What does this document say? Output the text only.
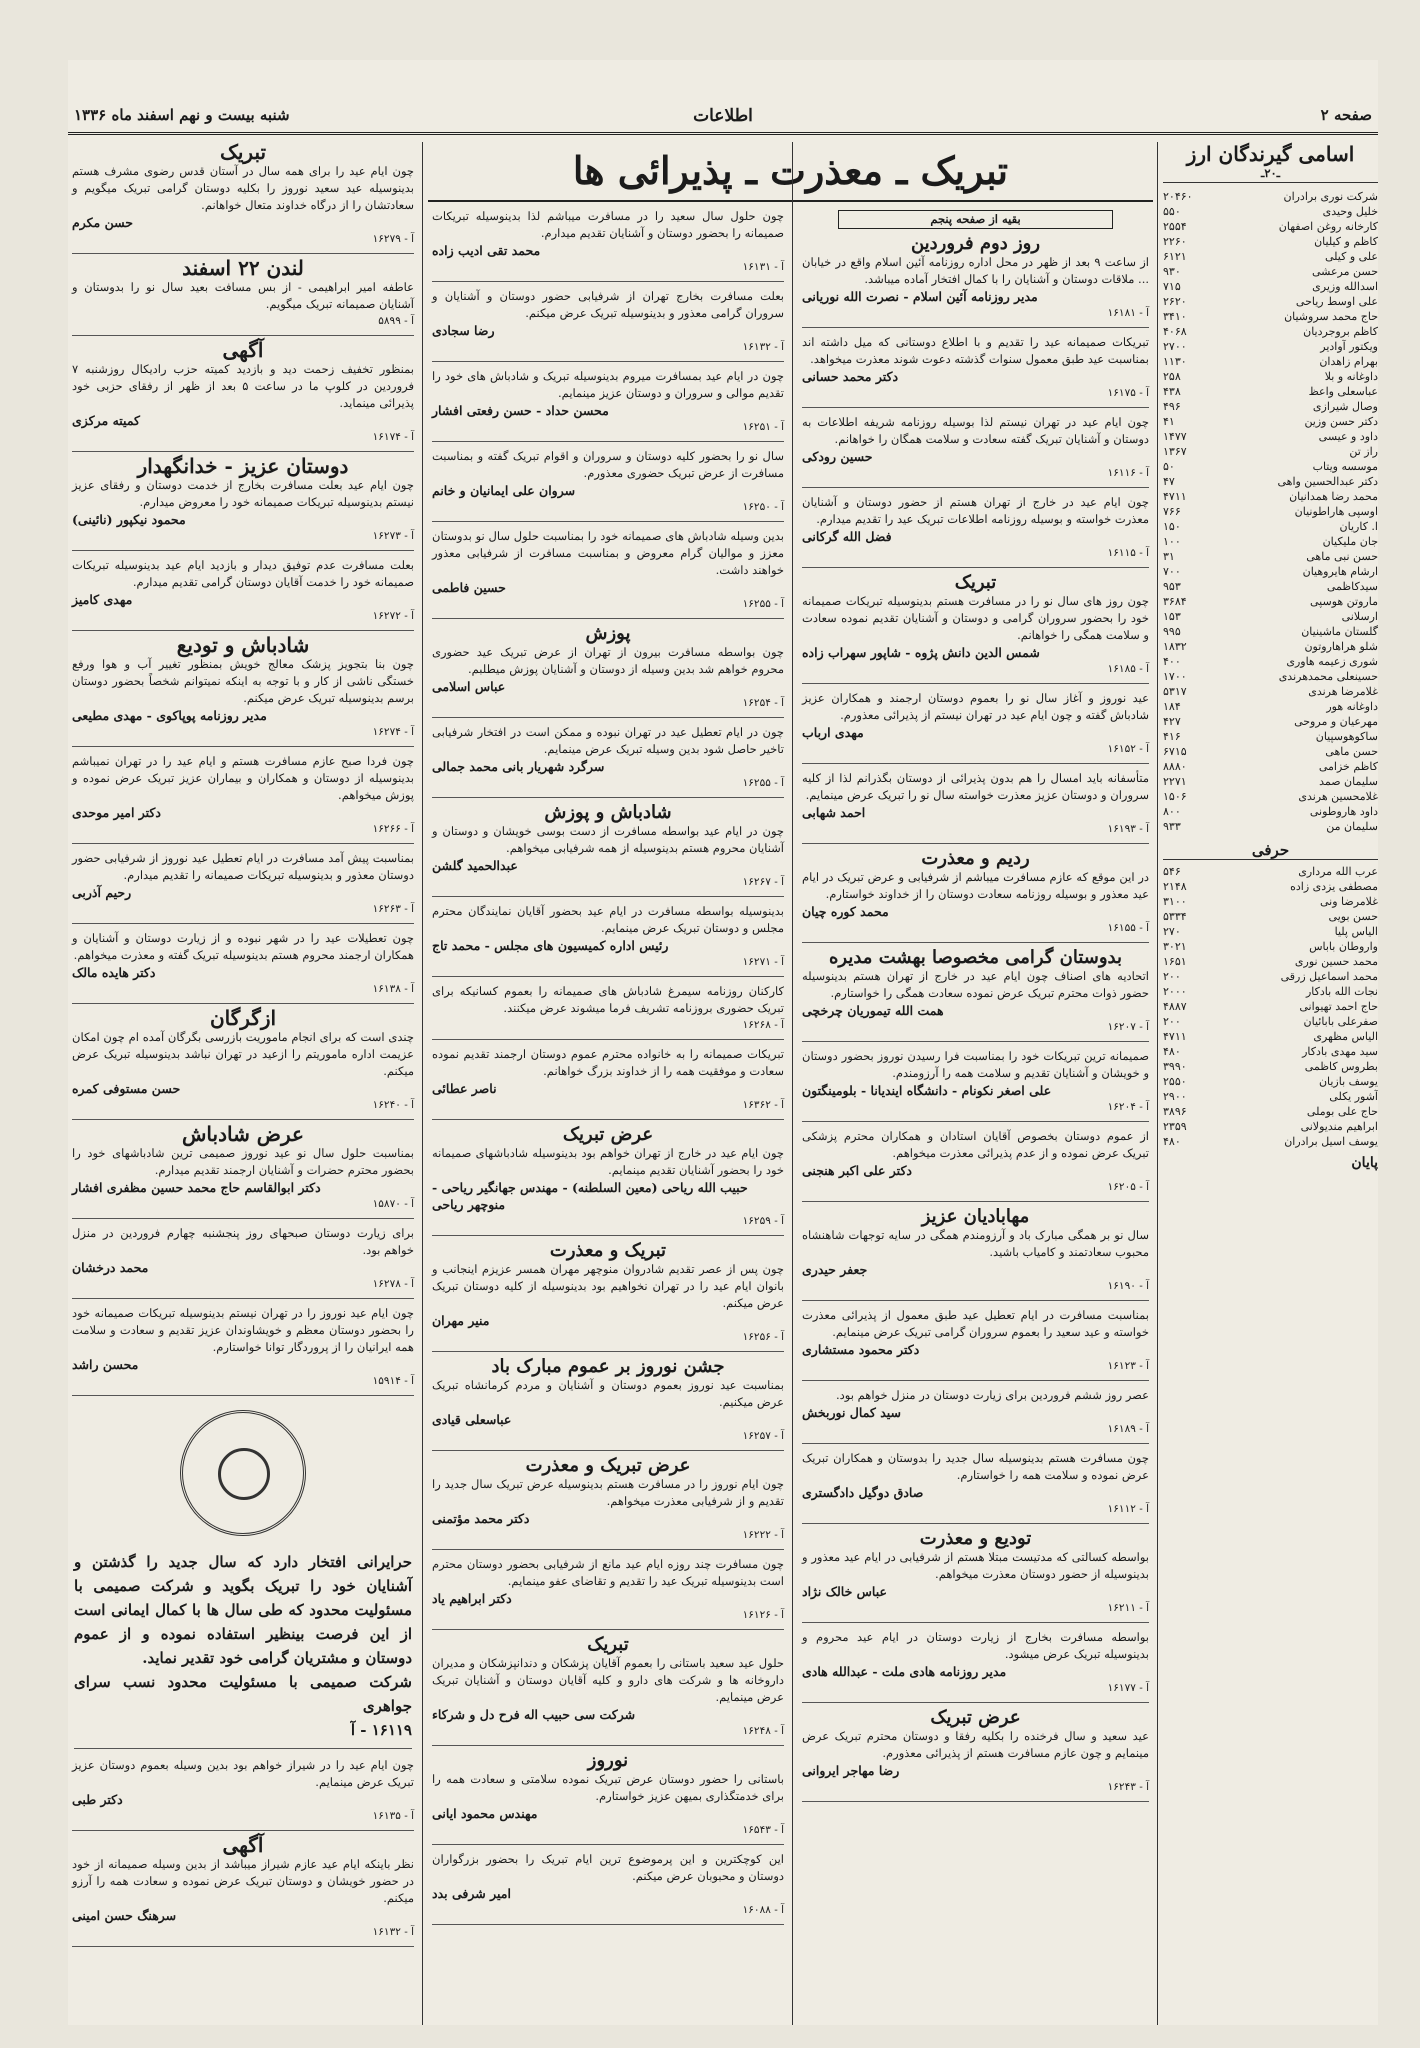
صفحه ۲
اطلاعات
شنبه بیست و نهم اسفند ماه ۱۳۳۶
تبریک ـ معذرت ـ پذیرائی ها	اسامی گیرندگان ارز
ـ۲۰ـ
شرکت نوری برادران
۲۰۴۶۰
خلیل وحیدی
۵۵۰
کارخانه روغن اصفهان
۲۵۵۴
کاظم و کیلیان
۲۲۶۰
علی و کیلی
۶۱۲۱
حسن مرعشی
۹۳۰
اسدالله وزیری
۷۱۵
علی اوسط ریاحی
۲۶۲۰
حاج محمد سروشیان
۳۴۱۰
کاظم بروجردیان
۴۰۶۸
ویکتور آوادیر
۲۷۰۰
بهرام زاهدان
۱۱۳۰
داوغانه و بلا
۲۵۸
عباسعلی واعظ
۴۳۸
وصال شیرازی
۴۹۶
دکتر حسن وزین
۴۱
داود و عیسی
۱۴۷۷
راز تن
۱۳۶۷
موسسه ویتاب
۵۰
دکتر عبدالحسین واهی
۴۷
محمد رضا همدانیان
۴۷۱۱
اوسپی هاراطونیان
۷۶۶
ا. کاریان
۱۵۰
جان ملیکیان
۱۰۰
حسن نبی ماهی
۳۱
ارشام هایروهیان
۷۰۰
سیدکاظمی
۹۵۳
ماروتن هوسپی
۳۶۸۴
ارسلانی
۱۵۳
گلستان ماشینیان
۹۹۵
شلو هراهاروتون
۱۸۳۲
شوری زعیمه هاوری
۴۰۰
حسینعلی محمدهرندی
۱۷۰۰
غلامرضا هرندی
۵۳۱۷
داوغانه هور
۱۸۴
مهرعیان و مروحی
۴۲۷
ساکوهوسپیان
۴۱۶
حسن ماهی
۶۷۱۵
کاظم خزامی
۸۸۸۰
سلیمان صمد
۲۲۷۱
غلامحسین هرندی
۱۵۰۶
داود هاروطونی
۸۰۰
سلیمان من
۹۳۳
حرفی
عرب الله مرداری
۵۴۶
مصطفی یزدی زاده
۲۱۴۸
غلامرضا ونی
۳۱۰۰
حسن بویی
۵۳۳۴
الیاس پلیا
۲۷۰
واروطان باباس
۳۰۲۱
محمد حسین نوری
۱۶۵۱
محمد اسماعیل زرقی
۲۰۰
نجات الله بادکار
۲۰۰۰
حاج احمد تهیوانی
۴۸۸۷
صفرعلی بابائیان
۲۰۰
الیاس مظهری
۴۷۱۱
سید مهدی بادکار
۴۸۰
بطروس کاظمی
۳۹۹۰
یوسف بازیان
۲۵۵۰
آشور یکلی
۲۹۰۰
حاج علی بوملی
۳۸۹۶
ابراهیم مندیولانی
۲۳۵۹
یوسف اسیل برادران
۴۸۰
پایان
بقیه از صفحه پنجم
روز دوم فروردین
از ساعت ۹ بعد از ظهر در محل اداره روزنامه آئین اسلام واقع در خیابان ... ملاقات دوستان و آشنایان را با کمال افتخار آماده میباشد.
مدیر روزنامه آئین اسلام - نصرت الله نوریانی
۱۶۱۸۱ - آ
تبریکات صمیمانه عید را تقدیم و با اطلاع دوستانی که میل داشته اند بمناسبت عید طبق معمول سنوات گذشته دعوت شوند معذرت میخواهد.
دکتر محمد حسانی
۱۶۱۷۵ - آ
چون ایام عید در تهران نیستم لذا بوسیله روزنامه شریفه اطلاعات به دوستان و آشنایان تبریک گفته سعادت و سلامت همگان را خواهانم.
حسین رودکی
۱۶۱۱۶ - آ
چون ایام عید در خارج از تهران هستم از حضور دوستان و آشنایان معذرت خواسته و بوسیله روزنامه اطلاعات تبریک عید را تقدیم میدارم.
فضل الله گرکانی
۱۶۱۱۵ - آ
تبریک
چون روز های سال نو را در مسافرت هستم بدینوسیله تبریکات صمیمانه خود را بحضور سروران گرامی و دوستان و آشنایان تقدیم نموده سعادت و سلامت همگی را خواهانم.
شمس الدین دانش پژوه - شاپور سهراب زاده
۱۶۱۸۵ - آ
عید نوروز و آغاز سال نو را بعموم دوستان ارجمند و همکاران عزیز شادباش گفته و چون ایام عید در تهران نیستم از پذیرائی معذورم.
مهدی ارباب
۱۶۱۵۲ - آ
متأسفانه باید امسال را هم بدون پذیرائی از دوستان بگذرانم لذا از کلیه سروران و دوستان عزیز معذرت خواسته سال نو را تبریک عرض مینمایم.
احمد شهابی
۱۶۱۹۳ - آ
ردیم و معذرت
در این موقع که عازم مسافرت میباشم از شرفیابی و عرض تبریک در ایام عید معذور و بوسیله روزنامه سعادت دوستان را از خداوند خواستارم.
محمد کوره چیان
۱۶۱۵۵ - آ
بدوستان گرامی مخصوصا بهشت مدیره
اتحادیه های اصناف چون ایام عید در خارج از تهران هستم بدینوسیله حضور ذوات محترم تبریک عرض نموده سعادت همگی را خواستارم.
همت الله تیموریان چرخچی
۱۶۲۰۷ - آ
صمیمانه ترین تبریکات خود را بمناسبت فرا رسیدن نوروز بحضور دوستان و خویشان و آشنایان تقدیم و سلامت همه را آرزومندم.
علی اصغر نکونام - دانشگاه ایندیانا - بلومینگتون
۱۶۲۰۴ - آ
از عموم دوستان بخصوص آقایان استادان و همکاران محترم پزشکی تبریک عرض نموده و از عدم پذیرائی معذرت میخواهم.
دکتر علی اکبر هنجنی
۱۶۲۰۵ - آ
مهابادیان عزیز
سال نو بر همگی مبارک باد و آرزومندم همگی در سایه توجهات شاهنشاه محبوب سعادتمند و کامیاب باشید.
جعفر حیدری
۱۶۱۹۰ - آ
بمناسبت مسافرت در ایام تعطیل عید طبق معمول از پذیرائی معذرت خواسته و عید سعید را بعموم سروران گرامی تبریک عرض مینمایم.
دکتر محمود مستشاری
۱۶۱۲۳ - آ
عصر روز ششم فروردین برای زیارت دوستان در منزل خواهم بود.
سید کمال نوربخش
۱۶۱۸۹ - آ
چون مسافرت هستم بدینوسیله سال جدید را بدوستان و همکاران تبریک عرض نموده و سلامت همه را خواستارم.
صادق دوگیل دادگستری
۱۶۱۱۲ - آ
تودیع و معذرت
بواسطه کسالتی که مدتیست مبتلا هستم از شرفیابی در ایام عید معذور و بدینوسیله از حضور دوستان معذرت میخواهم.
عباس خالک نژاد
۱۶۲۱۱ - آ
بواسطه مسافرت بخارج از زیارت دوستان در ایام عید محروم و بدینوسیله تبریک عرض میشود.
مدیر روزنامه هادی ملت - عبدالله هادی
۱۶۱۷۷ - آ
عرض تبریک
عید سعید و سال فرخنده را بکلیه رفقا و دوستان محترم تبریک عرض مینمایم و چون عازم مسافرت هستم از پذیرائی معذورم.
رضا مهاجر ایروانی
۱۶۲۴۳ - آ
چون حلول سال سعید را در مسافرت میباشم لذا بدینوسیله تبریکات صمیمانه را بحضور دوستان و آشنایان تقدیم میدارم.
محمد تقی ادیب زاده
۱۶۱۳۱ - آ
بعلت مسافرت بخارج تهران از شرفیابی حضور دوستان و آشنایان و سروران گرامی معذور و بدینوسیله تبریک عرض میکنم.
رضا سجادی
۱۶۱۳۲ - آ
چون در ایام عید بمسافرت میروم بدینوسیله تبریک و شادباش های خود را تقدیم موالی و سروران و دوستان عزیز مینمایم.
محسن حداد - حسن رفعتی افشار
۱۶۲۵۱ - آ
سال نو را بحضور کلیه دوستان و سروران و اقوام تبریک گفته و بمناسبت مسافرت از عرض تبریک حضوری معذورم.
سروان علی ایمانیان و خانم
۱۶۲۵۰ - آ
بدین وسیله شادباش های صمیمانه خود را بمناسبت حلول سال نو بدوستان معزز و موالیان گرام معروض و بمناسبت مسافرت از شرفیابی معذور خواهند داشت.
حسین فاطمی
۱۶۲۵۵ - آ
پوزش
چون بواسطه مسافرت بیرون از تهران از عرض تبریک عید حضوری محروم خواهم شد بدین وسیله از دوستان و آشنایان پوزش میطلبم.
عباس اسلامی
۱۶۲۵۴ - آ
چون در ایام تعطیل عید در تهران نبوده و ممکن است در افتخار شرفیابی تاخیر حاصل شود بدین وسیله تبریک عرض مینمایم.
سرگرد شهریار بانی محمد جمالی
۱۶۲۵۵ - آ
شادباش و پوزش
چون در ایام عید بواسطه مسافرت از دست بوسی خویشان و دوستان و آشنایان محروم هستم بدینوسیله از همه شرفیابی میخواهم.
عبدالحمید گلشن
۱۶۲۶۷ - آ
بدینوسیله بواسطه مسافرت در ایام عید بحضور آقایان نمایندگان محترم مجلس و دوستان تبریک عرض مینمایم.
رئیس اداره کمیسیون های مجلس - محمد تاج
۱۶۲۷۱ - آ
کارکنان روزنامه سیمرغ شادباش های صمیمانه را بعموم کسانیکه برای تبریک حضوری بروزنامه تشریف فرما میشوند عرض میکنند.
۱۶۲۶۸ - آ
تبریکات صمیمانه را به خانواده محترم عموم دوستان ارجمند تقدیم نموده سعادت و موفقیت همه را از خداوند بزرگ خواهانم.
ناصر عطائی
۱۶۳۶۲ - آ
عرض تبریک
چون ایام عید در خارج از تهران خواهم بود بدینوسیله شادباشهای صمیمانه خود را بحضور آشنایان تقدیم مینمایم.
حبیب الله ریاحی (معین السلطنه) - مهندس جهانگیر ریاحی - منوچهر ریاحی
۱۶۲۵۹ - آ
تبریک و معذرت
چون پس از عصر تقدیم شادروان منوچهر مهران همسر عزیزم اینجانب و بانوان ایام عید را در تهران نخواهیم بود بدینوسیله از کلیه دوستان تبریک عرض میکنم.
منیر مهران
۱۶۲۵۶ - آ
جشن نوروز بر عموم مبارک باد
بمناسبت عید نوروز بعموم دوستان و آشنایان و مردم کرمانشاه تبریک عرض میکنیم.
عباسعلی قیادی
۱۶۲۵۷ - آ
عرض تبریک و معذرت
چون ایام نوروز را در مسافرت هستم بدینوسیله عرض تبریک سال جدید را تقدیم و از شرفیابی معذرت میخواهم.
دکتر محمد مؤتمنی
۱۶۲۲۲ - آ
چون مسافرت چند روزه ایام عید مانع از شرفیابی بحضور دوستان محترم است بدینوسیله تبریک عید را تقدیم و تقاضای عفو مینمایم.
دکتر ابراهیم یاد
۱۶۱۲۶ - آ
تبریک
حلول عید سعید باستانی را بعموم آقایان پزشکان و دندانپزشکان و مدیران داروخانه ها و شرکت های دارو و کلیه آقایان دوستان و آشنایان تبریک عرض مینمایم.
شرکت سی حبیب اله فرح دل و شرکاء
۱۶۲۴۸ - آ
نوروز
باستانی را حضور دوستان عرض تبریک نموده سلامتی و سعادت همه را برای خدمتگذاری بمیهن عزیز خواستارم.
مهندس محمود ایانی
۱۶۵۴۳ - آ
این کوچکترین و این پرموضوع ترین ایام تبریک را بحضور بزرگواران دوستان و محبوبان عرض میکنم.
امیر شرفی بدد
۱۶۰۸۸ - آ
تبریک
چون ایام عید را برای همه سال در آستان قدس رضوی مشرف هستم بدینوسیله عید سعید نوروز را بکلیه دوستان گرامی تبریک میگویم و سعادتشان را از درگاه خداوند متعال خواهانم.
حسن مکرم
۱۶۲۷۹ - آ
لندن ۲۲ اسفند
عاطفه امیر ابراهیمی - از بس مسافت بعید سال نو را بدوستان و آشنایان صمیمانه تبریک میگویم.
۵۸۹۹ - آ
آگهی
بمنظور تخفیف زحمت دید و بازدید کمیته حزب رادیکال روزشنبه ۷ فروردین در کلوپ ما در ساعت ۵ بعد از ظهر از رفقای حزبی خود پذیرائی مینماید.
کمیته مرکزی
۱۶۱۷۴ - آ
دوستان عزیز - خدانگهدار
چون ایام عید بعلت مسافرت بخارج از خدمت دوستان و رفقای عزیز نیستم بدینوسیله تبریکات صمیمانه خود را معروض میدارم.
محمود نیکپور (نائینی)
۱۶۲۷۳ - آ
بعلت مسافرت عدم توفیق دیدار و بازدید ایام عید بدینوسیله تبریکات صمیمانه خود را خدمت آقایان دوستان گرامی تقدیم میدارم.
مهدی کامیز
۱۶۲۷۲ - آ
شادباش و تودیع
چون بنا بتجویز پزشک معالج خویش بمنظور تغییر آب و هوا ورفع خستگی ناشی از کار و با توجه به اینکه نمیتوانم شخصاً بحضور دوستان برسم بدینوسیله تبریک عرض میکنم.
مدیر روزنامه پوپاکوی - مهدی مطیعی
۱۶۲۷۴ - آ
چون فردا صبح عازم مسافرت هستم و ایام عید را در تهران نمیباشم بدینوسیله از دوستان و همکاران و بیماران عزیز تبریک عرض نموده و پوزش میخواهم.
دکتر امیر موحدی
۱۶۲۶۶ - آ
بمناسبت پیش آمد مسافرت در ایام تعطیل عید نوروز از شرفیابی حضور دوستان معذور و بدینوسیله تبریکات صمیمانه را تقدیم میدارم.
رحیم آذربی
۱۶۲۶۳ - آ
چون تعطیلات عید را در شهر نبوده و از زیارت دوستان و آشنایان و همکاران ارجمند محروم هستم بدینوسیله تبریک گفته و معذرت میخواهم.
دکتر هایده مالک
۱۶۱۳۸ - آ
ازگرگان
چندی است که برای انجام ماموریت بازرسی بگرگان آمده ام چون امکان عزیمت اداره ماموریتم را ازعید در تهران نباشد بدینوسیله تبریک عرض میکنم.
حسن مستوفی کمره
۱۶۲۴۰ - آ
عرض شادباش
بمناسبت حلول سال نو عید نوروز صمیمی ترین شادباشهای خود را بحضور محترم حضرات و آشنایان ارجمند تقدیم میدارم.
دکتر ابوالقاسم حاج محمد حسین مظفری افشار
۱۵۸۷۰ - آ
برای زیارت دوستان صبحهای روز پنجشنبه چهارم فروردین در منزل خواهم بود.
محمد درخشان
۱۶۲۷۸ - آ
چون ایام عید نوروز را در تهران نیستم بدینوسیله تبریکات صمیمانه خود را بحضور دوستان معظم و خویشاوندان عزیز تقدیم و سعادت و سلامت همه ایرانیان را از پروردگار توانا خواستارم.
محسن راشد
۱۵۹۱۴ - آ
حرایرانی افتخار دارد که سال جدید را گذشتن و آشنایان خود را تبریک بگوید و شرکت صمیمی با مسئولیت محدود که طی سال ها با کمال ایمانی است از این فرصت بینظیر استفاده نموده و از عموم دوستان و مشتریان گرامی خود تقدیر نماید.
شرکت صمیمی با مسئولیت محدود نسب سرای جواهری
۱۶۱۱۹ - آ
چون ایام عید را در شیراز خواهم بود بدین وسیله بعموم دوستان عزیز تبریک عرض مینمایم.
دکتر طبی
۱۶۱۳۵ - آ
آگهی
نظر باینکه ایام عید عازم شیراز میباشد از بدین وسیله صمیمانه از خود در حضور خویشان و دوستان تبریک عرض نموده و سعادت همه را آرزو میکنم.
سرهنگ حسن امینی
۱۶۱۳۲ - آ
